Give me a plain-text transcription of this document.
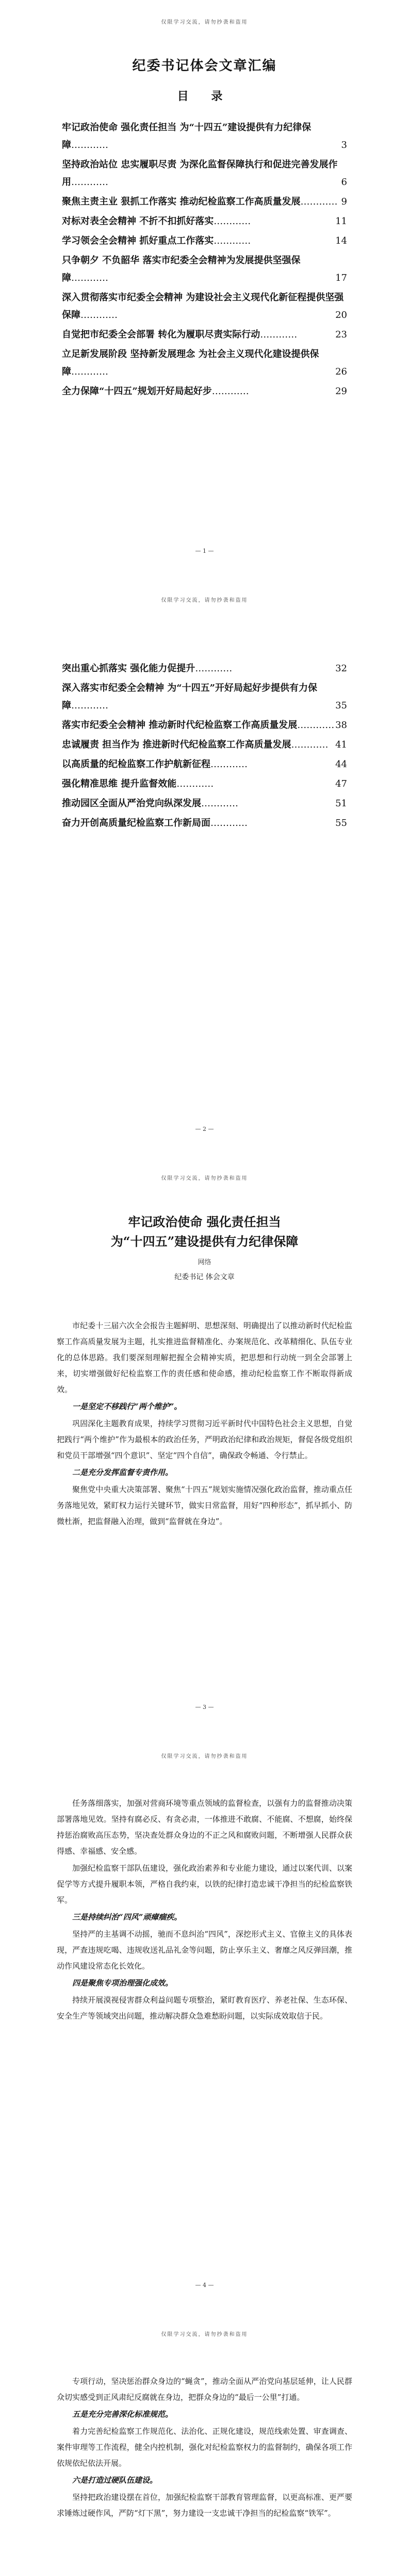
仅限学习交流，请勿抄袭和盗用
纪委书记体会文章汇编
目 录
牢记政治使命 强化责任担当 为“十四五”建设提供有力纪律保障	3
…………
坚持政治站位 忠实履职尽责 为深化监督保障执行和促进完善发展作用	6
…………
聚焦主责主业 狠抓工作落实 推动纪检监察工作高质量发展	9
…………
对标对表全会精神 不折不扣抓好落实	11
…………
学习领会全会精神 抓好重点工作落实	14
…………
只争朝夕 不负韶华 落实市纪委全会精神为发展提供坚强保障	17
…………
深入贯彻落实市纪委全会精神 为建设社会主义现代化新征程提供坚强保障	20
…………
自觉把市纪委全会部署 转化为履职尽责实际行动	23
…………
立足新发展阶段 坚持新发展理念 为社会主义现代化建设提供保障	26
…………
全力保障“十四五”规划开好局起好步	29
…………
— 1 —
仅限学习交流，请勿抄袭和盗用
突出重心抓落实 强化能力促提升	32
…………
深入落实市纪委全会精神 为“十四五”开好局起好步提供有力保障	35
…………
落实市纪委全会精神 推动新时代纪检监察工作高质量发展	38
…………
忠诚履责 担当作为 推进新时代纪检监察工作高质量发展	41
…………
以高质量的纪检监察工作护航新征程	44
…………
强化精准思维 提升监督效能	47
…………
推动园区全面从严治党向纵深发展	51
…………
奋力开创高质量纪检监察工作新局面	55
…………
— 2 —
仅限学习交流，请勿抄袭和盗用
牢记政治使命 强化责任担当
为“十四五”建设提供有力纪律保障
网络
纪委书记 体会文章

市纪委十三届六次全会报告主题鲜明、思想深刻、明确提出了以推动新时代纪检监察工作高质量发展为主题，扎实推进监督精准化、办案规范化、改革精细化、队伍专业化的总体思路。我们要深刻理解把握全会精神实质，把思想和行动统一到全会部署上来，切实增强做好纪检监察工作的责任感和使命感，推动纪检监察工作不断取得新成效。

一是坚定不移践行“两个维护”。

巩固深化主题教育成果，持续学习贯彻习近平新时代中国特色社会主义思想，自觉把践行“两个维护”作为最根本的政治任务，严明政治纪律和政治规矩，督促各级党组织和党员干部增强“四个意识”、坚定“四个自信”，确保政令畅通、令行禁止。

二是充分发挥监督专责作用。

聚焦党中央重大决策部署、聚焦“十四五”规划实施情况强化政治监督，推动重点任务落地见效，紧盯权力运行关键环节，做实日常监督，用好“四种形态”，抓早抓小、防微杜渐，把监督融入治理，做到“监督就在身边”。

— 3 —
仅限学习交流，请勿抄袭和盗用

任务落细落实，加强对营商环境等重点领域的监督检查，以强有力的监督推动决策部署落地见效。坚持有腐必反、有贪必肃，一体推进不敢腐、不能腐、不想腐，始终保持惩治腐败高压态势，坚决查处群众身边的不正之风和腐败问题，不断增强人民群众获得感、幸福感、安全感。

加强纪检监察干部队伍建设，强化政治素养和专业能力建设，通过以案代训、以案促学等方式提升履职本领，严格自我约束，以铁的纪律打造忠诚干净担当的纪检监察铁军。

三是持续纠治“四风”顽瘴痼疾。

坚持严的主基调不动摇，驰而不息纠治“四风”，深挖形式主义、官僚主义的具体表现，严查违规吃喝、违规收送礼品礼金等问题，防止享乐主义、奢靡之风反弹回潮，推动作风建设常态化长效化。

四是聚焦专项治理强化成效。

持续开展漠视侵害群众利益问题专项整治，紧盯教育医疗、养老社保、生态环保、安全生产等领域突出问题，推动解决群众急难愁盼问题，以实际成效取信于民。

— 4 —
仅限学习交流，请勿抄袭和盗用

专项行动，坚决惩治群众身边的“蝇贪”，推动全面从严治党向基层延伸，让人民群众切实感受到正风肃纪反腐就在身边，把群众身边的“最后一公里”打通。

五是充分完善深化标准规范。

着力完善纪检监察工作规范化、法治化、正规化建设，规范线索处置、审查调查、案件审理等工作流程，健全内控机制，强化对纪检监察权力的监督制约，确保各项工作依规依纪依法开展。

六是打造过硬队伍建设。

坚持把政治建设摆在首位，加强纪检监察干部教育管理监督，以更高标准、更严要求锤炼过硬作风，严防“灯下黑”，努力建设一支忠诚干净担当的纪检监察“铁军”。
